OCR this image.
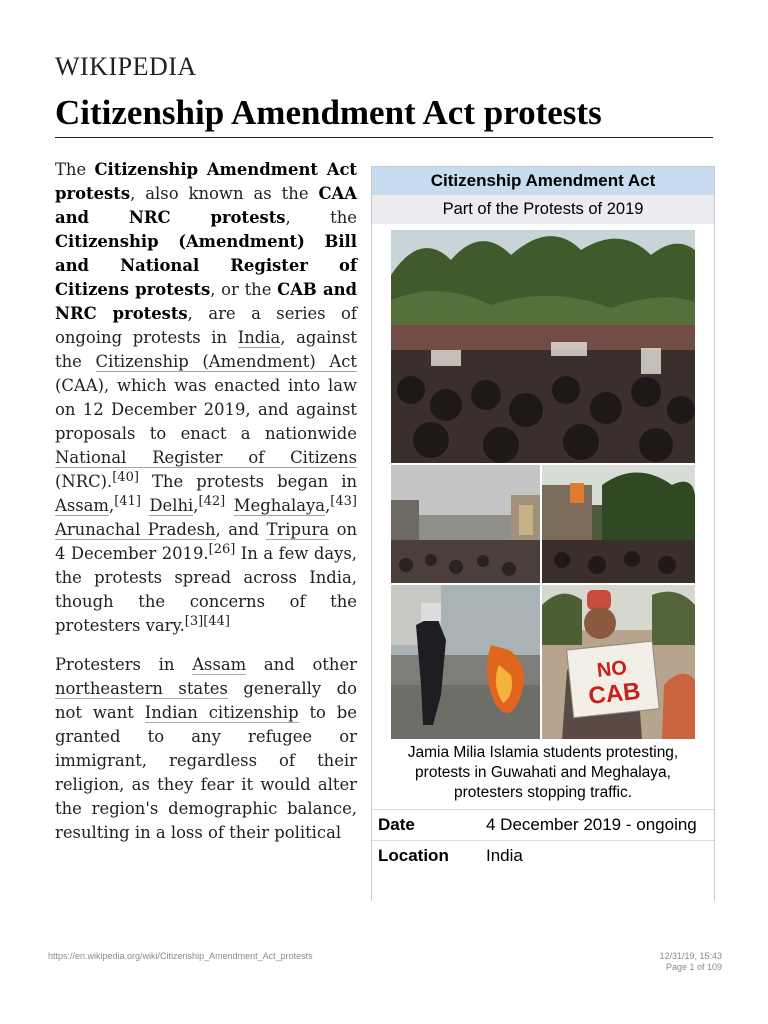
WIKIPEDIA
Citizenship Amendment Act protests

The Citizenship Amendment Act protests, also known as the CAA and NRC protests, the Citizenship (Amendment) Bill and National Register of Citizens protests, or the CAB and NRC protests, are a series of ongoing protests in India, against the Citizenship (Amendment) Act (CAA), which was enacted into law on 12 December 2019, and against proposals to enact a nationwide National Register of Citizens (NRC).[40] The protests began in Assam,[41] Delhi,[42] Meghalaya,[43] Arunachal Pradesh, and Tripura on 4 December 2019.[26] In a few days, the protests spread across India, though the concerns of the protesters vary.[3][44]

Protesters in Assam and other northeastern states generally do not want Indian citizenship to be granted to any refugee or immigrant, regardless of their religion, as they fear it would alter the region's demographic balance, resulting in a loss of their political

Citizenship Amendment Act
Part of the Protests of 2019
NO
CAB
Jamia Milia Islamia students protesting, protests in Guwahati and Meghalaya, protesters stopping traffic.
Date	4 December 2019 - ongoing
Location	India
https://en.wikipedia.org/wiki/Citizenship_Amendment_Act_protests	12/31/19, 15:43
Page 1 of 109
